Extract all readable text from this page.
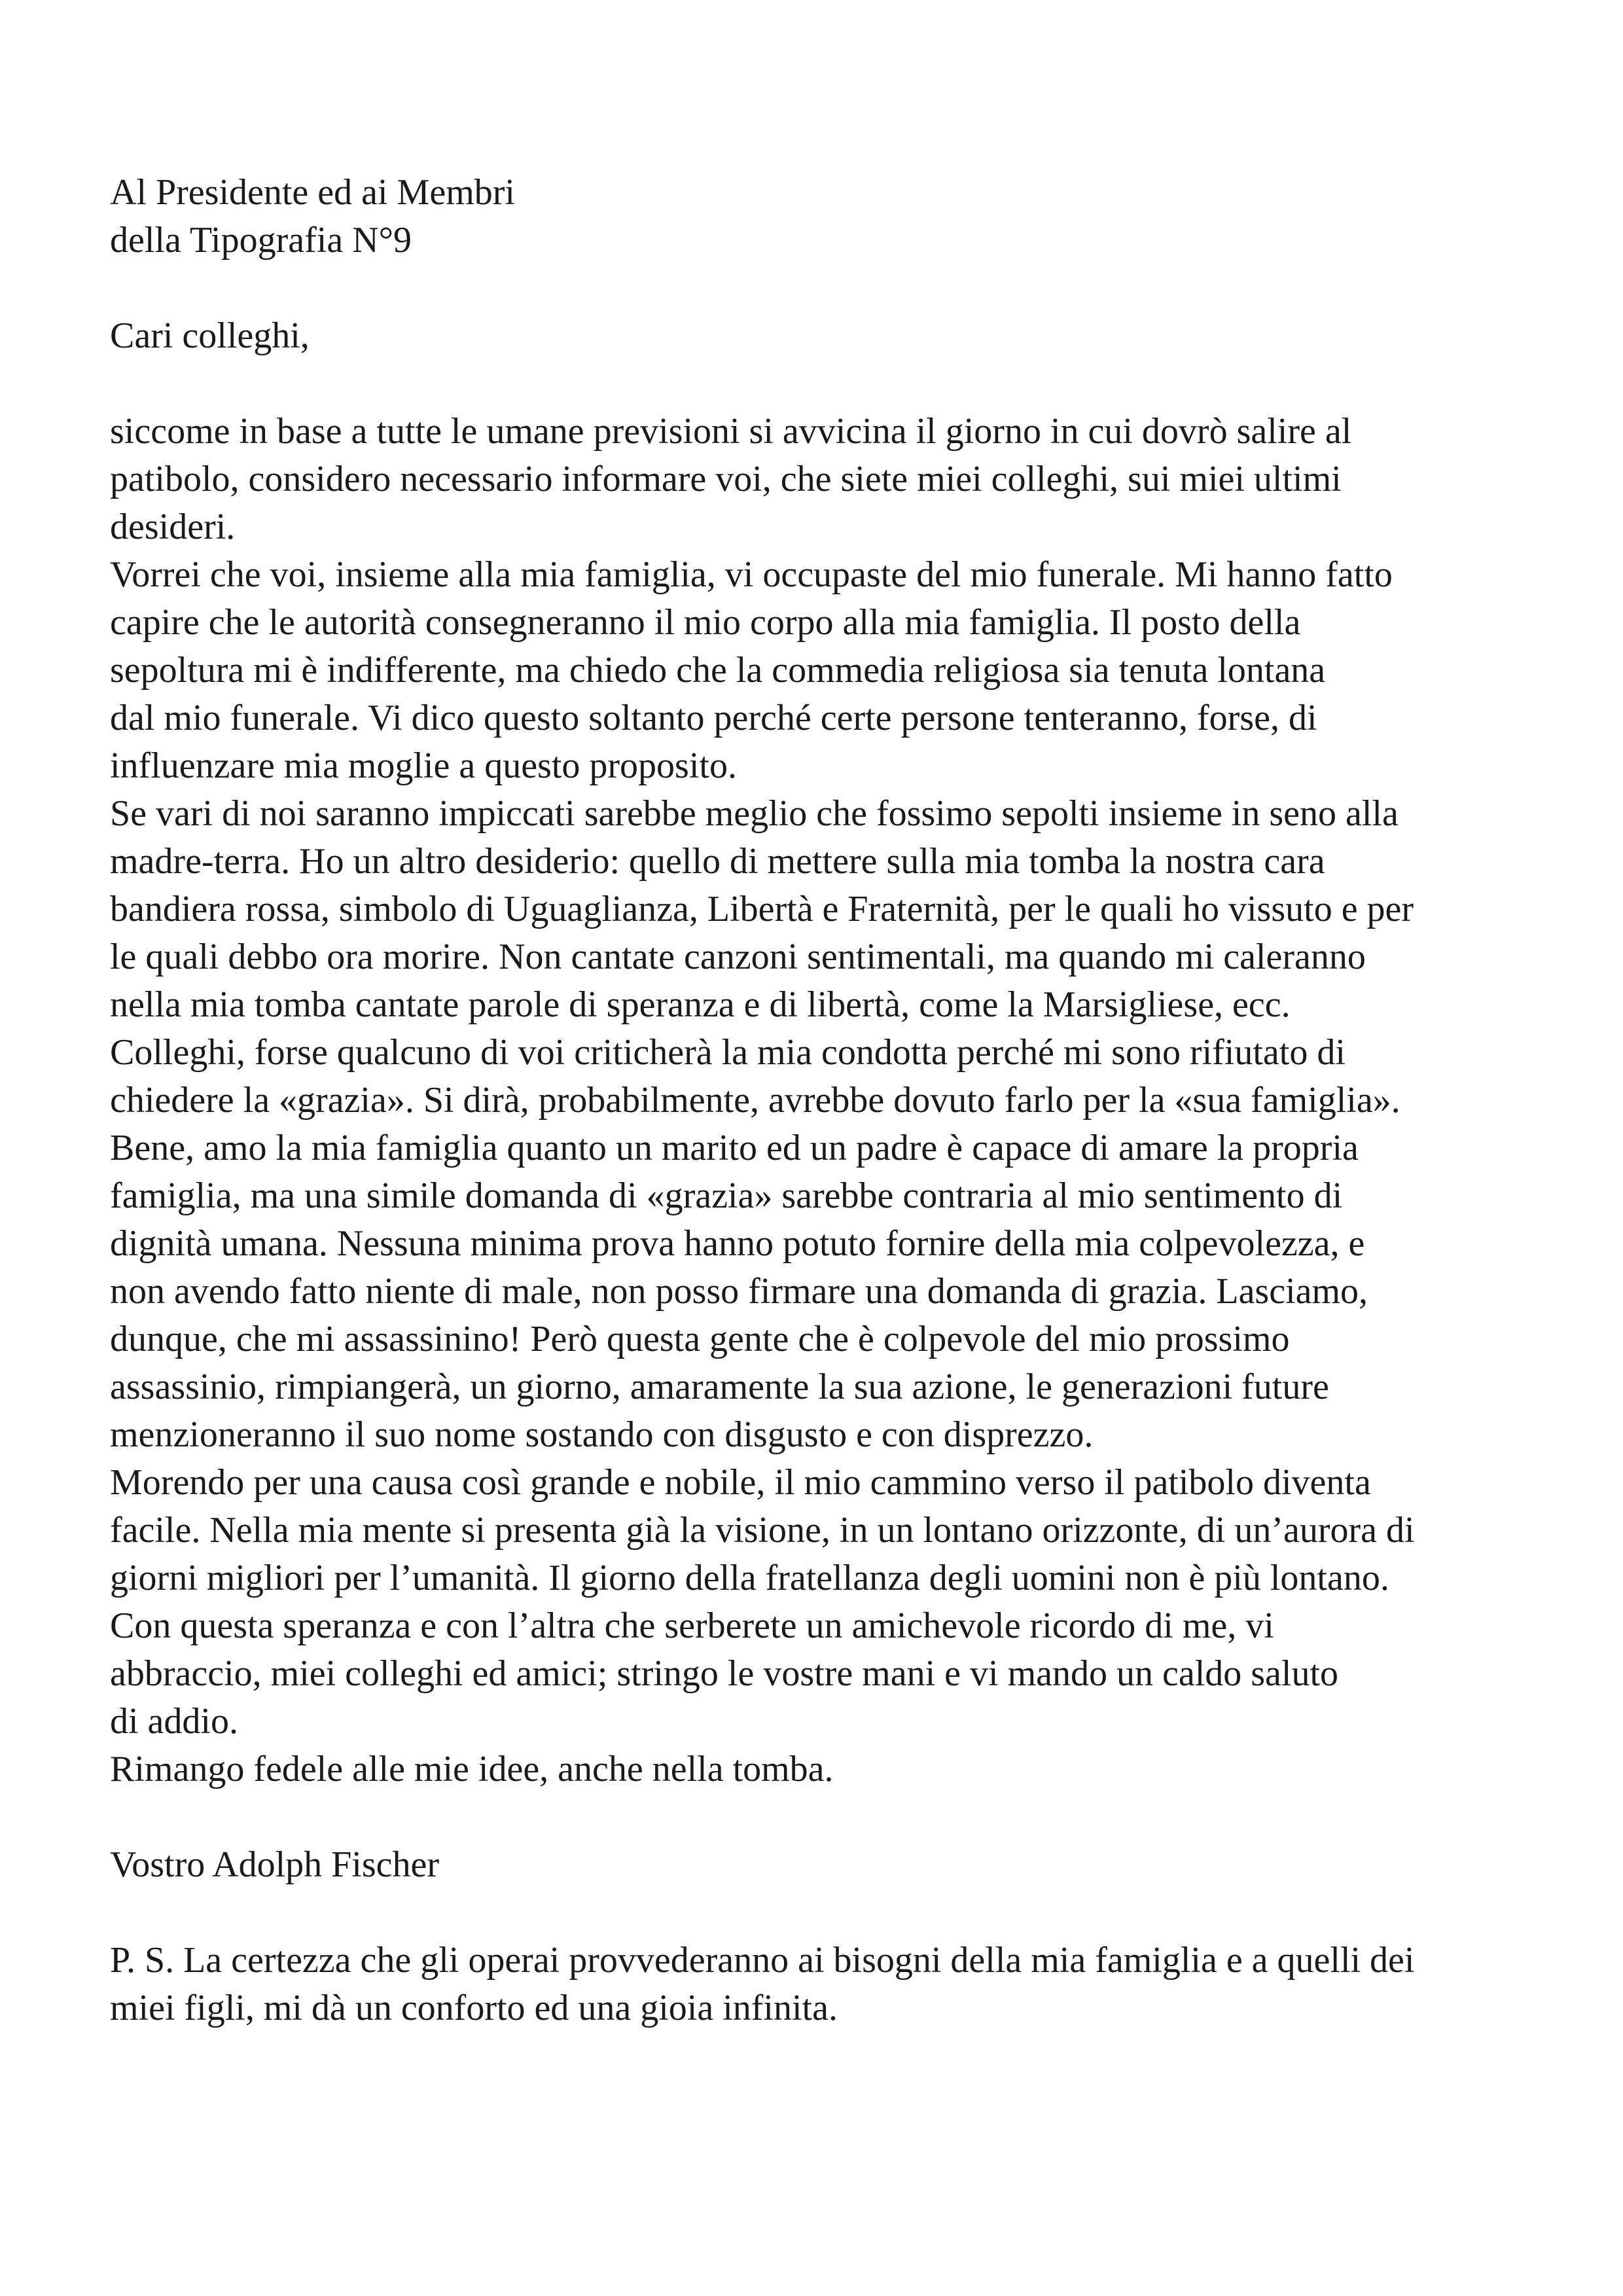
Al Presidente ed ai Membri
della Tipografia N°9
Cari colleghi,
siccome in base a tutte le umane previsioni si avvicina il giorno in cui dovrò salire al
patibolo, considero necessario informare voi, che siete miei colleghi, sui miei ultimi
desideri.
Vorrei che voi, insieme alla mia famiglia, vi occupaste del mio funerale. Mi hanno fatto
capire che le autorità consegneranno il mio corpo alla mia famiglia. Il posto della
sepoltura mi è indifferente, ma chiedo che la commedia religiosa sia tenuta lontana
dal mio funerale. Vi dico questo soltanto perché certe persone tenteranno, forse, di
influenzare mia moglie a questo proposito.
Se vari di noi saranno impiccati sarebbe meglio che fossimo sepolti insieme in seno alla
madre-terra. Ho un altro desiderio: quello di mettere sulla mia tomba la nostra cara
bandiera rossa, simbolo di Uguaglianza, Libertà e Fraternità, per le quali ho vissuto e per
le quali debbo ora morire. Non cantate canzoni sentimentali, ma quando mi caleranno
nella mia tomba cantate parole di speranza e di libertà, come la Marsigliese, ecc.
Colleghi, forse qualcuno di voi criticherà la mia condotta perché mi sono rifiutato di
chiedere la «grazia». Si dirà, probabilmente, avrebbe dovuto farlo per la «sua famiglia».
Bene, amo la mia famiglia quanto un marito ed un padre è capace di amare la propria
famiglia, ma una simile domanda di «grazia» sarebbe contraria al mio sentimento di
dignità umana. Nessuna minima prova hanno potuto fornire della mia colpevolezza, e
non avendo fatto niente di male, non posso firmare una domanda di grazia. Lasciamo,
dunque, che mi assassinino! Però questa gente che è colpevole del mio prossimo
assassinio, rimpiangerà, un giorno, amaramente la sua azione, le generazioni future
menzioneranno il suo nome sostando con disgusto e con disprezzo.
Morendo per una causa così grande e nobile, il mio cammino verso il patibolo diventa
facile. Nella mia mente si presenta già la visione, in un lontano orizzonte, di un’aurora di
giorni migliori per l’umanità. Il giorno della fratellanza degli uomini non è più lontano.
Con questa speranza e con l’altra che serberete un amichevole ricordo di me, vi
abbraccio, miei colleghi ed amici; stringo le vostre mani e vi mando un caldo saluto
di addio.
Rimango fedele alle mie idee, anche nella tomba.
Vostro Adolph Fischer
P. S. La certezza che gli operai provvederanno ai bisogni della mia famiglia e a quelli dei
miei figli, mi dà un conforto ed una gioia infinita.
